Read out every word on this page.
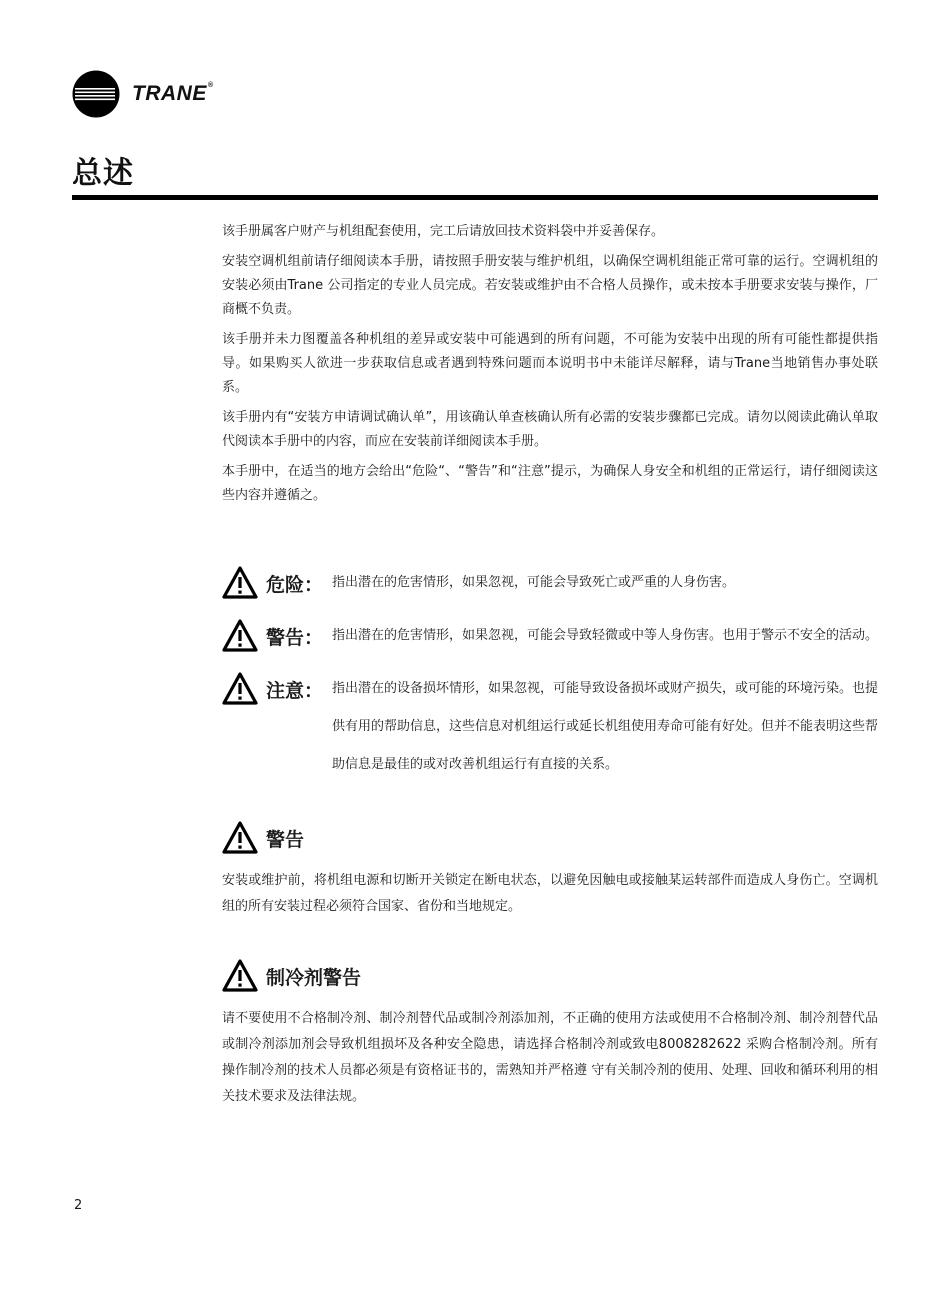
TRANE®
总述

该手册属客户财产与机组配套使用，完工后请放回技术资料袋中并妥善保存。

安装空调机组前请仔细阅读本手册，请按照手册安装与维护机组，以确保空调机组能正常可靠的运行。空调机组的安装必须由Trane 公司指定的专业人员完成。若安装或维护由不合格人员操作，或未按本手册要求安装与操作，厂商概不负责。

该手册并未力图覆盖各种机组的差异或安装中可能遇到的所有问题，不可能为安装中出现的所有可能性都提供指导。如果购买人欲进一步获取信息或者遇到特殊问题而本说明书中未能详尽解释，请与Trane当地销售办事处联系。

该手册内有“安装方申请调试确认单”，用该确认单查核确认所有必需的安装步骤都已完成。请勿以阅读此确认单取代阅读本手册中的内容，而应在安装前详细阅读本手册。

本手册中，在适当的地方会给出“危险“、“警告”和“注意”提示，为确保人身安全和机组的正常运行，请仔细阅读这些内容并遵循之。

危险： 指出潜在的危害情形，如果忽视，可能会导致死亡或严重的人身伤害。

警告： 指出潜在的危害情形，如果忽视，可能会导致轻微或中等人身伤害。也用于警示不安全的活动。

注意： 指出潜在的设备损坏情形，如果忽视，可能导致设备损坏或财产损失，或可能的环境污染。也提供有用的帮助信息，这些信息对机组运行或延长机组使用寿命可能有好处。但并不能表明这些帮助信息是最佳的或对改善机组运行有直接的关系。

警告

安装或维护前，将机组电源和切断开关锁定在断电状态，以避免因触电或接触某运转部件而造成人身伤亡。空调机组的所有安装过程必须符合国家、省份和当地规定。

制冷剂警告

请不要使用不合格制冷剂、制冷剂替代品或制冷剂添加剂，不正确的使用方法或使用不合格制冷剂、制冷剂替代品或制冷剂添加剂会导致机组损坏及各种安全隐患，请选择合格制冷剂或致电8008282622 采购合格制冷剂。所有操作制冷剂的技术人员都必须是有资格证书的，需熟知并严格遵 守有关制冷剂的使用、处理、回收和循环利用的相关技术要求及法律法规。

2
